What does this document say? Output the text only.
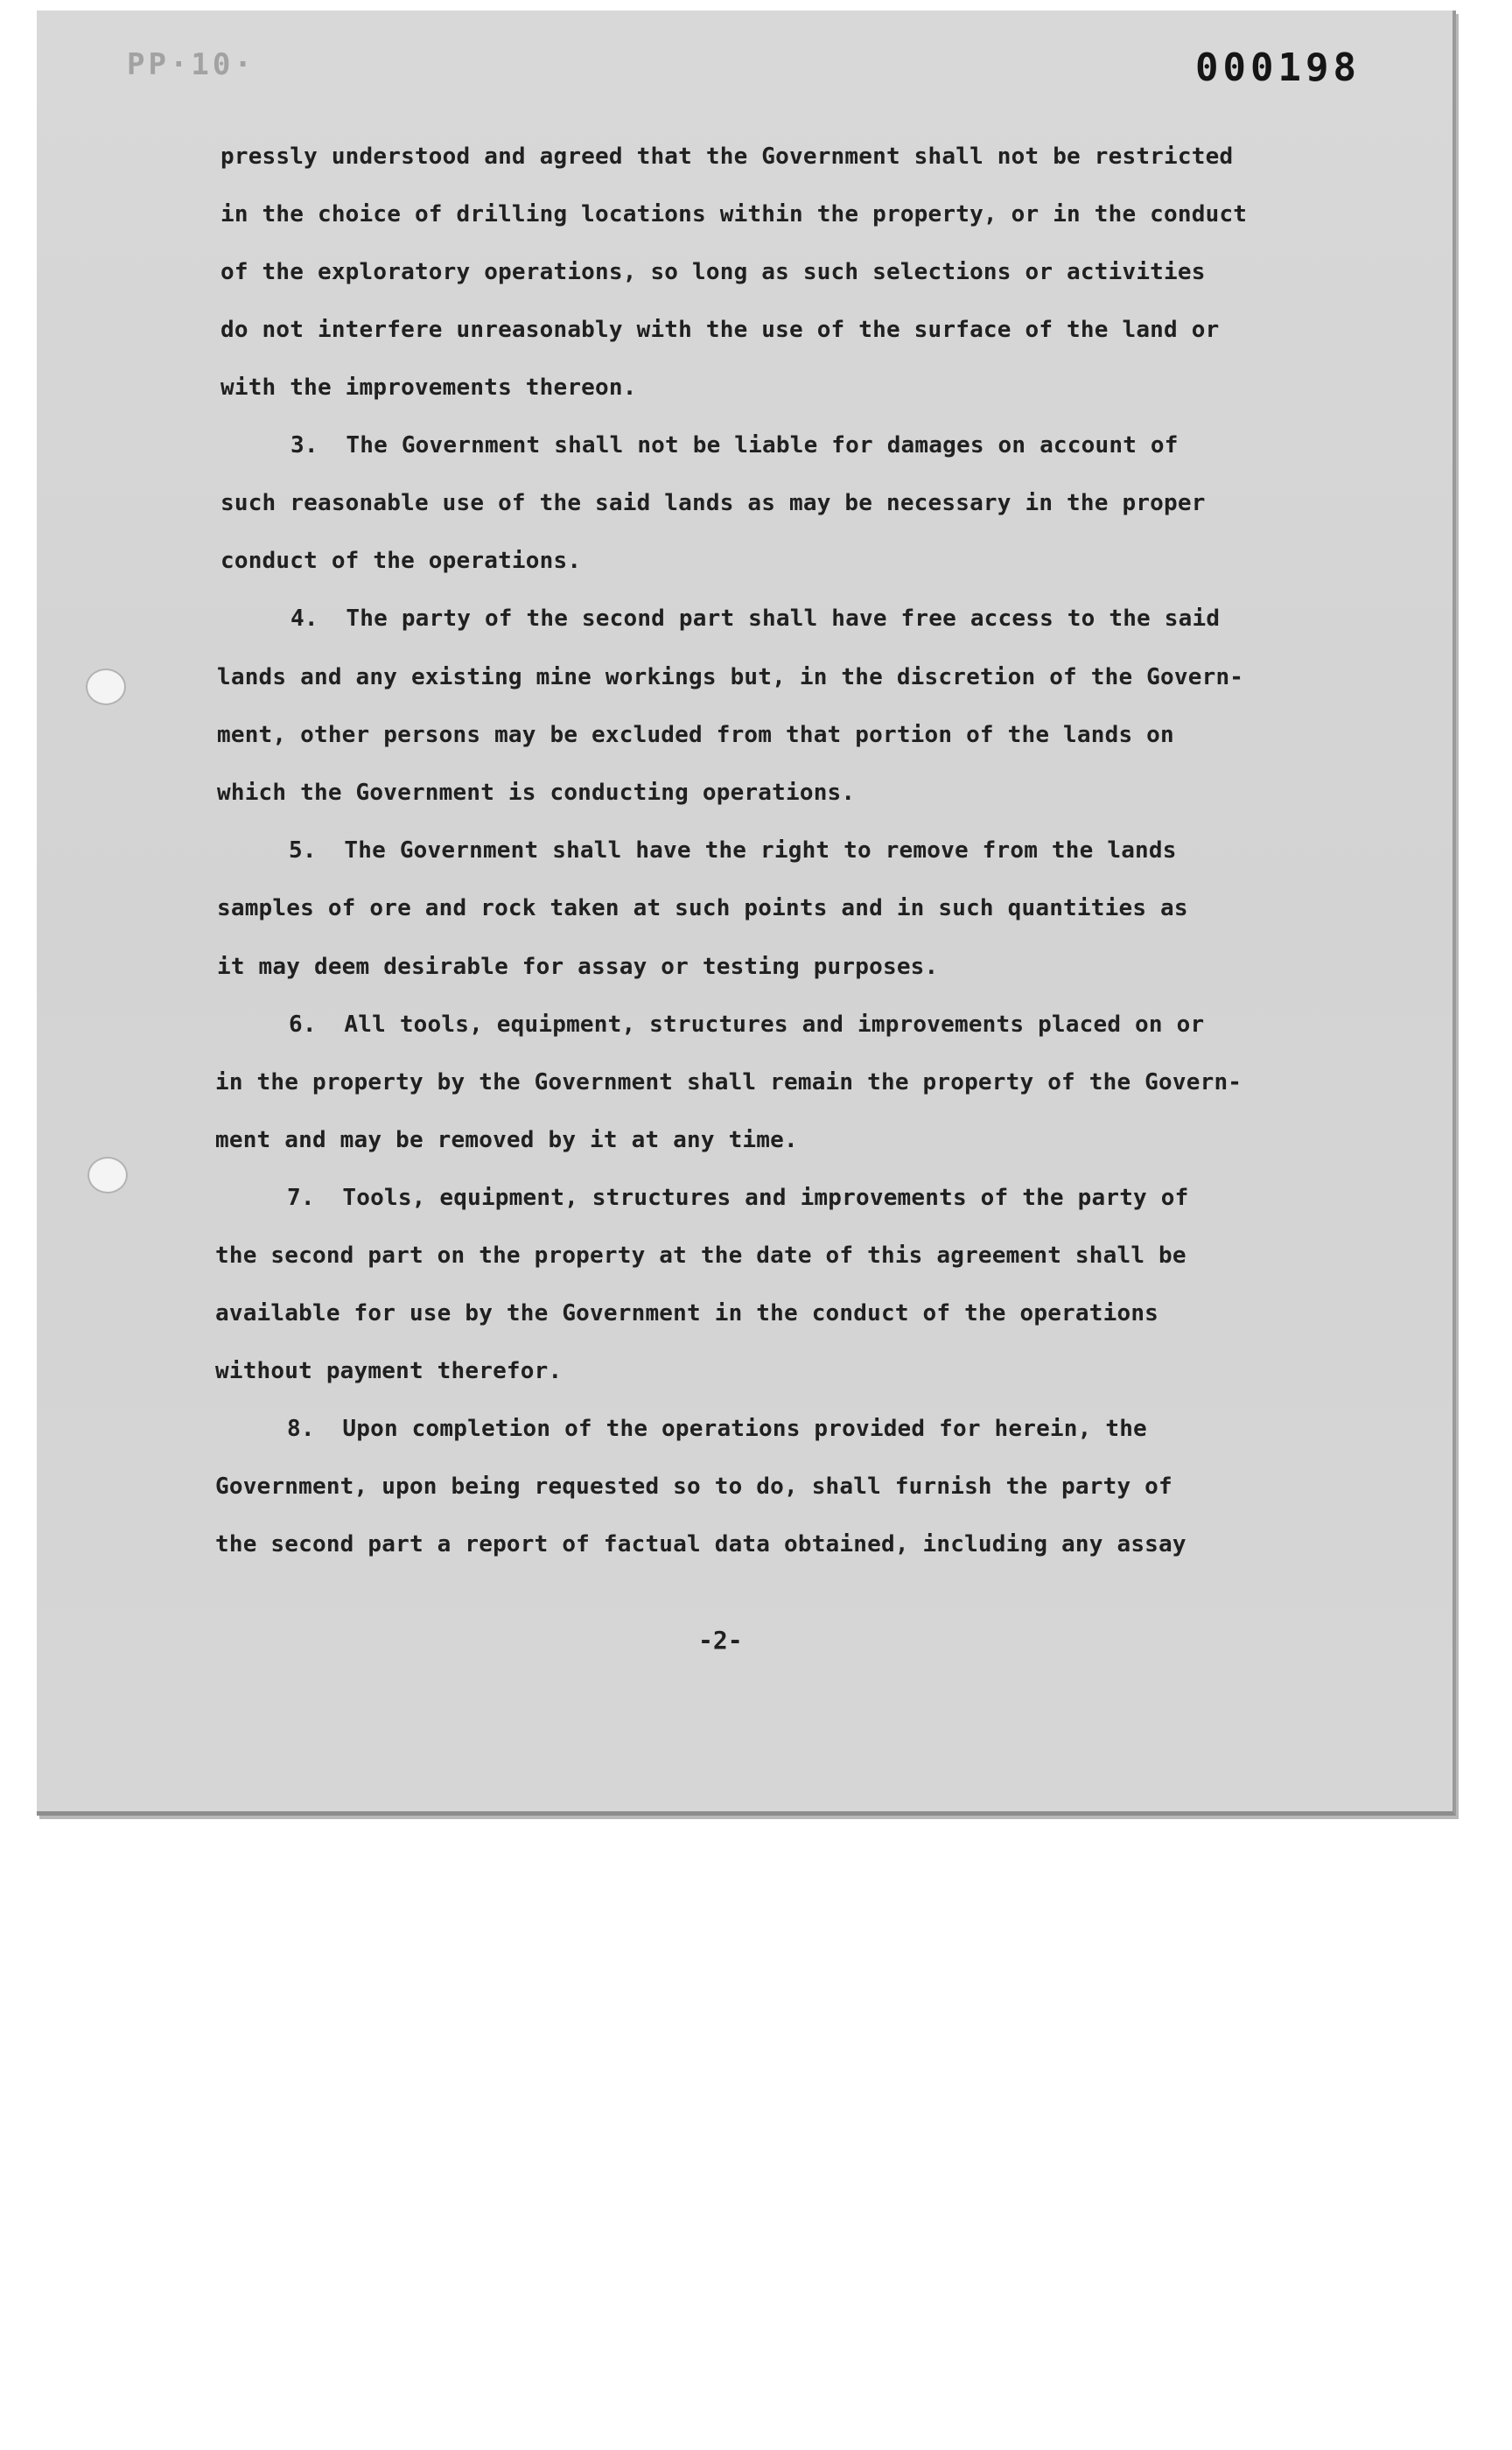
PP·10·	000198
pressly understood and agreed that the Government shall not be restricted
in the choice of drilling locations within the property, or in the conduct
of the exploratory operations, so long as such selections or activities
do not interfere unreasonably with the use of the surface of the land or
with the improvements thereon.
3.  The Government shall not be liable for damages on account of
such reasonable use of the said lands as may be necessary in the proper
conduct of the operations.
4.  The party of the second part shall have free access to the said
lands and any existing mine workings but, in the discretion of the Govern-
ment, other persons may be excluded from that portion of the lands on
which the Government is conducting operations.
5.  The Government shall have the right to remove from the lands
samples of ore and rock taken at such points and in such quantities as
it may deem desirable for assay or testing purposes.
6.  All tools, equipment, structures and improvements placed on or
in the property by the Government shall remain the property of the Govern-
ment and may be removed by it at any time.
7.  Tools, equipment, structures and improvements of the party of
the second part on the property at the date of this agreement shall be
available for use by the Government in the conduct of the operations
without payment therefor.
8.  Upon completion of the operations provided for herein, the
Government, upon being requested so to do, shall furnish the party of
the second part a report of factual data obtained, including any assay
-2-
